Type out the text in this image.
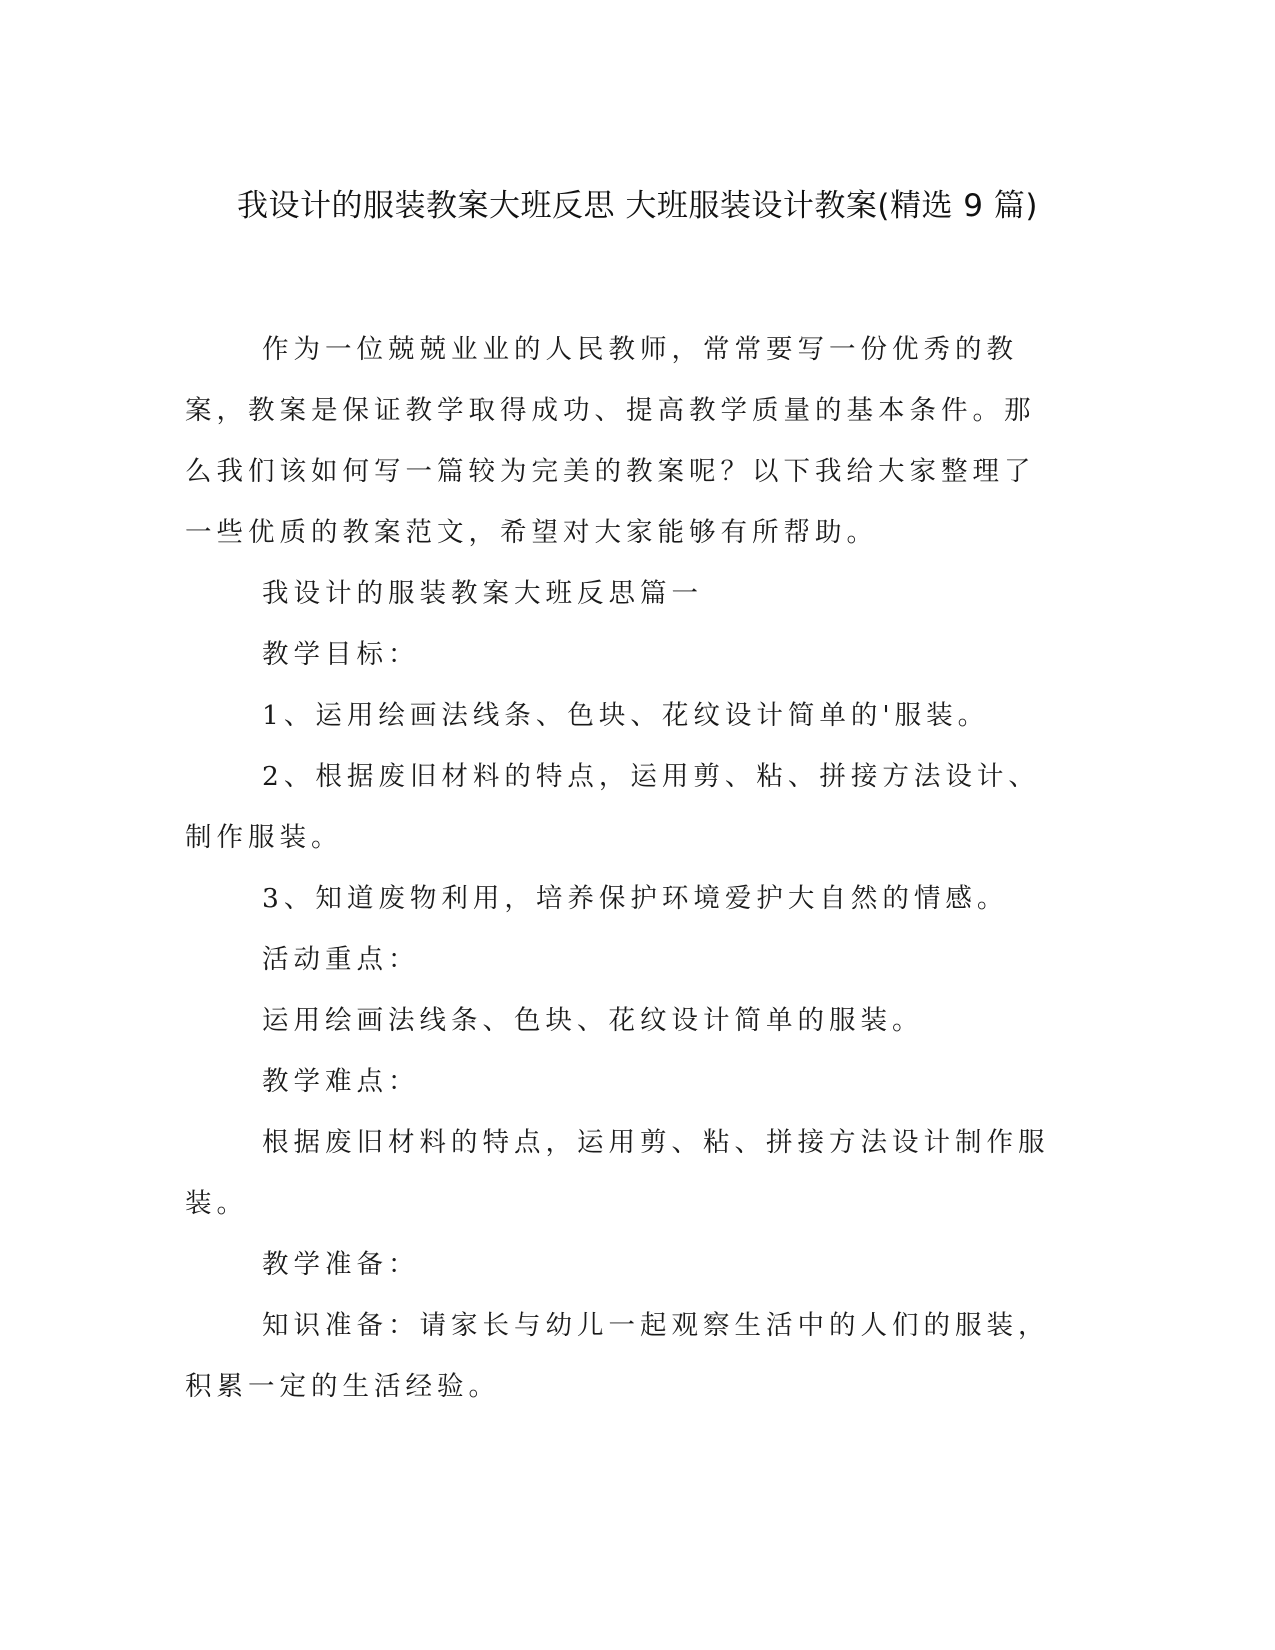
我设计的服装教案大班反思 大班服装设计教案(精选 9 篇)

作为一位兢兢业业的人民教师，常常要写一份优秀的教案，教案是保证教学取得成功、提高教学质量的基本条件。那么我们该如何写一篇较为完美的教案呢？以下我给大家整理了一些优质的教案范文，希望对大家能够有所帮助。

我设计的服装教案大班反思篇一

教学目标：

1、运用绘画法线条、色块、花纹设计简单的'服装。

2、根据废旧材料的特点，运用剪、粘、拼接方法设计、制作服装。

3、知道废物利用，培养保护环境爱护大自然的情感。

活动重点：

运用绘画法线条、色块、花纹设计简单的服装。

教学难点：

根据废旧材料的特点，运用剪、粘、拼接方法设计制作服装。

教学准备：

知识准备：请家长与幼儿一起观察生活中的人们的服装，积累一定的生活经验。
